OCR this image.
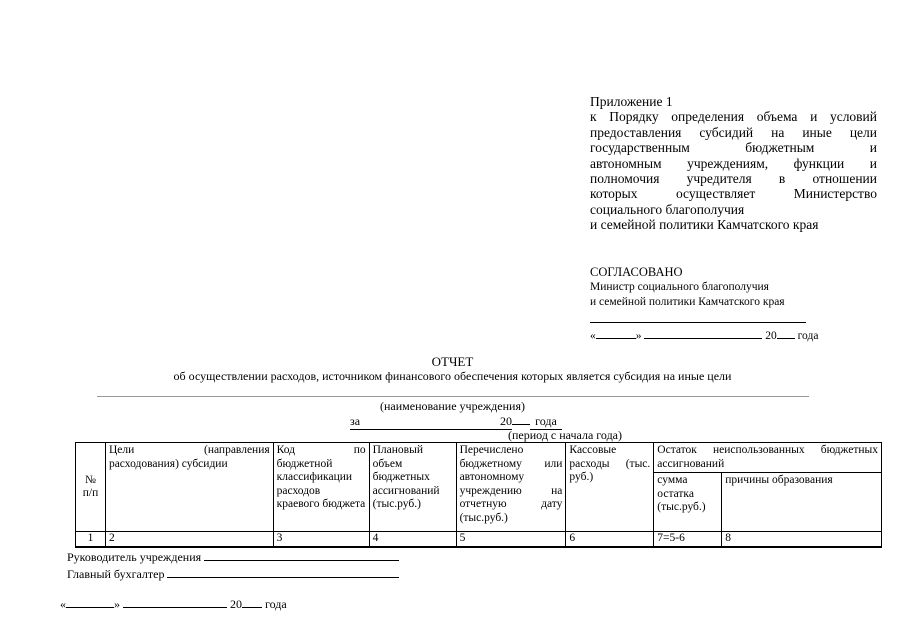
Приложение 1
к Порядку определения объема и условий
предоставления субсидий на иные цели
государственным бюджетным и
автономным учреждениям, функции и
полномочия учредителя в отношении
которых осуществляет Министерство
социального благополучия
и семейной политики Камчатского края
СОГЛАСОВАНО
Министр социального благополучия
и семейной политики Камчатского края
«	»	20 года
ОТЧЕТ
об осуществлении расходов, источником финансового обеспечения которых является субсидия на иные цели
(наименование учреждения)
за	20 года
(период с начала года)
№ п/п	Цели (направления расходования) субсидии	Код по бюджетной классификации расходов краевого бюджета	Плановый объем бюджетных ассигнований (тыс.руб.)	Перечислено бюджетному или автономному учреждению на отчетную дату (тыс.руб.)	Кассовые расходы (тыс. руб.)	Остаток неиспользованных бюджетных ассигнований	
						сумма остатка (тыс.руб.)	причины образования
1	2	3	4	5	6	7=5-6	8
Руководитель учреждения
Главный бухгалтер
«	»	20 года
